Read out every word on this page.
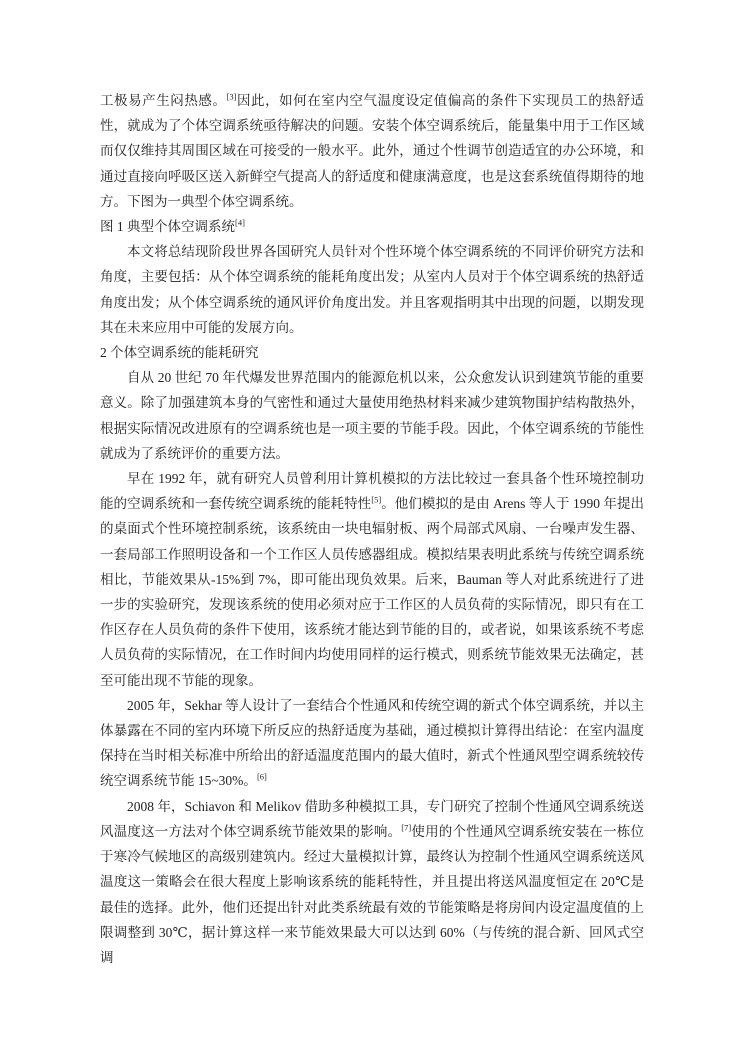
工极易产生闷热感。[3]因此，如何在室内空气温度设定值偏高的条件下实现员工的热舒适性，就成为了个体空调系统亟待解决的问题。安装个体空调系统后，能量集中用于工作区域而仅仅维持其周围区域在可接受的一般水平。此外，通过个性调节创造适宜的办公环境，和通过直接向呼吸区送入新鲜空气提高人的舒适度和健康满意度，也是这套系统值得期待的地方。下图为一典型个体空调系统。

图 1 典型个体空调系统[4]

本文将总结现阶段世界各国研究人员针对个性环境个体空调系统的不同评价研究方法和角度，主要包括：从个体空调系统的能耗角度出发；从室内人员对于个体空调系统的热舒适角度出发；从个体空调系统的通风评价角度出发。并且客观指明其中出现的问题，以期发现其在未来应用中可能的发展方向。

2 个体空调系统的能耗研究

自从 20 世纪 70 年代爆发世界范围内的能源危机以来，公众愈发认识到建筑节能的重要意义。除了加强建筑本身的气密性和通过大量使用绝热材料来减少建筑物围护结构散热外，根据实际情况改进原有的空调系统也是一项主要的节能手段。因此，个体空调系统的节能性就成为了系统评价的重要方法。

早在 1992 年，就有研究人员曾利用计算机模拟的方法比较过一套具备个性环境控制功能的空调系统和一套传统空调系统的能耗特性[5]。他们模拟的是由 Arens 等人于 1990 年提出的桌面式个性环境控制系统，该系统由一块电辐射板、两个局部式风扇、一台噪声发生器、一套局部工作照明设备和一个工作区人员传感器组成。模拟结果表明此系统与传统空调系统相比，节能效果从-15%到 7%，即可能出现负效果。后来，Bauman 等人对此系统进行了进一步的实验研究，发现该系统的使用必须对应于工作区的人员负荷的实际情况，即只有在工作区存在人员负荷的条件下使用，该系统才能达到节能的目的，或者说，如果该系统不考虑人员负荷的实际情况，在工作时间内均使用同样的运行模式，则系统节能效果无法确定，甚至可能出现不节能的现象。

2005 年，Sekhar 等人设计了一套结合个性通风和传统空调的新式个体空调系统，并以主体暴露在不同的室内环境下所反应的热舒适度为基础，通过模拟计算得出结论：在室内温度保持在当时相关标准中所给出的舒适温度范围内的最大值时，新式个性通风型空调系统较传统空调系统节能 15~30%。[6]

2008 年，Schiavon 和 Melikov 借助多种模拟工具，专门研究了控制个性通风空调系统送风温度这一方法对个体空调系统节能效果的影响。[7]使用的个性通风空调系统安装在一栋位于寒冷气候地区的高级别建筑内。经过大量模拟计算，最终认为控制个性通风空调系统送风温度这一策略会在很大程度上影响该系统的能耗特性，并且提出将送风温度恒定在 20℃是最佳的选择。此外，他们还提出针对此类系统最有效的节能策略是将房间内设定温度值的上限调整到 30℃，据计算这样一来节能效果最大可以达到 60%（与传统的混合新、回风式空调
